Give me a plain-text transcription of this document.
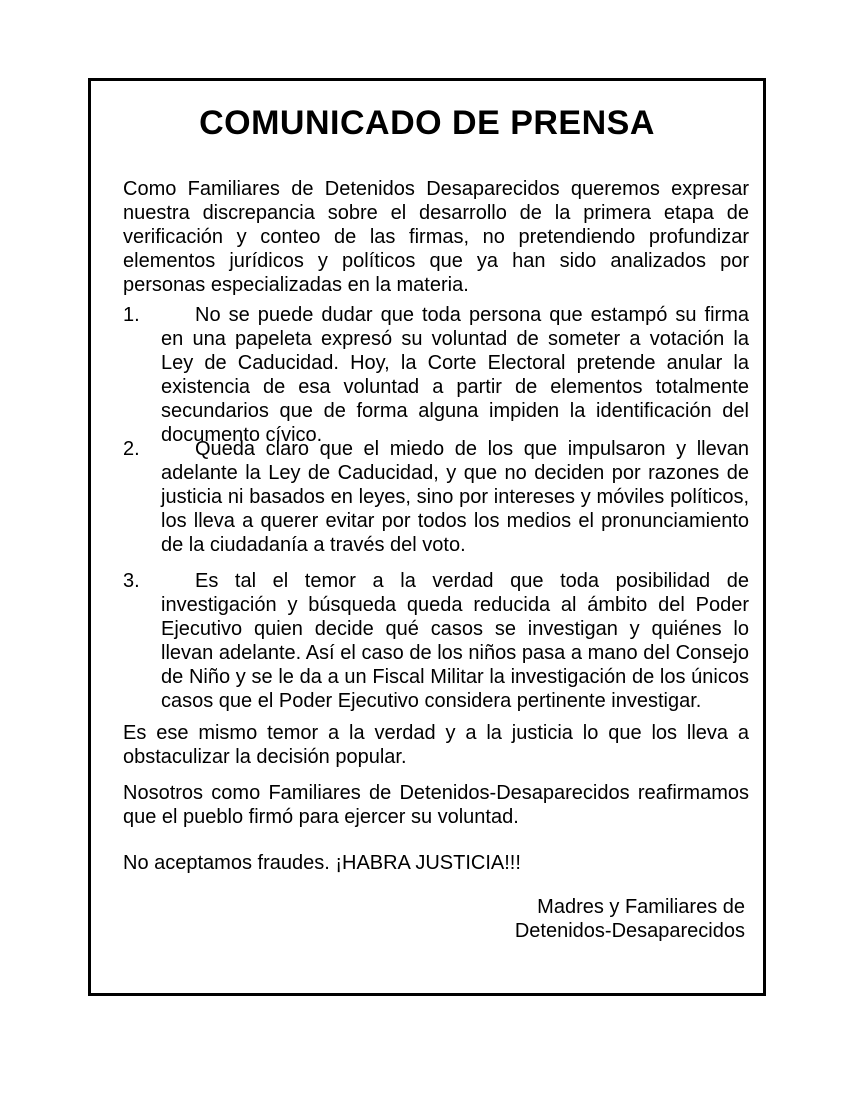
COMUNICADO DE PRENSA

Como Familiares de Detenidos Desaparecidos queremos expresar nuestra discrepancia sobre el desarrollo de la primera etapa de verificación y conteo de las firmas, no pretendiendo profundizar elementos jurídicos y políticos que ya han sido analizados por personas especializadas en la materia.

1.	No se puede dudar que toda persona que estampó su firma en una papeleta expresó su voluntad de someter a votación la Ley de Caducidad. Hoy, la Corte Electoral pretende anular la existencia de esa voluntad a partir de elementos totalmente secundarios que de forma alguna impiden la identificación del documento cívico.

2.	Queda claro que el miedo de los que impulsaron y llevan adelante la Ley de Caducidad, y que no deciden por razones de justicia ni basados en leyes, sino por intereses y móviles políticos, los lleva a querer evitar por todos los medios el pronunciamiento de la ciudadanía a través del voto.

3.	Es tal el temor a la verdad que toda posibilidad de investigación y búsqueda queda reducida al ámbito del Poder Ejecutivo quien decide qué casos se investigan y quiénes lo llevan adelante. Así el caso de los niños pasa a mano del Consejo de Niño y se le da a un Fiscal Militar la investigación de los únicos casos que el Poder Ejecutivo considera pertinente investigar.

Es ese mismo temor a la verdad y a la justicia lo que los lleva a obstaculizar la decisión popular.

Nosotros como Familiares de Detenidos-Desaparecidos reafirmamos que el pueblo firmó para ejercer su voluntad.

No aceptamos fraudes. ¡HABRA JUSTICIA!!!

Madres y Familiares de
Detenidos-Desaparecidos
